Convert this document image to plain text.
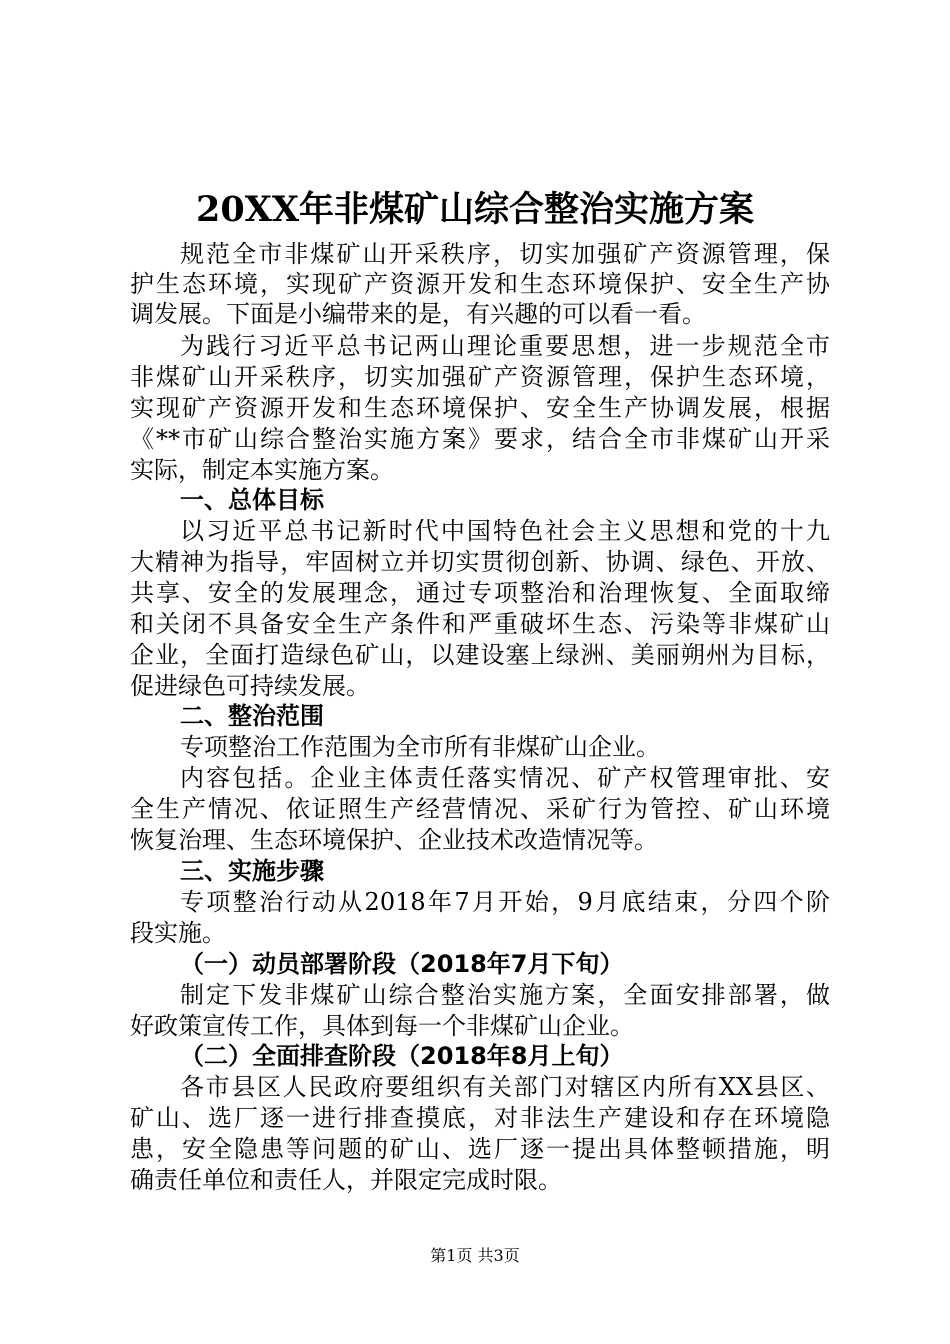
20XX年非煤矿山综合整治实施方案
规范全市非煤矿山开采秩序，切实加强矿产资源管理，保
护生态环境，实现矿产资源开发和生态环境保护、安全生产协
调发展。下面是小编带来的是，有兴趣的可以看一看。
为践行习近平总书记两山理论重要思想，进一步规范全市
非煤矿山开采秩序，切实加强矿产资源管理，保护生态环境，
实现矿产资源开发和生态环境保护、安全生产协调发展，根据
《**市矿山综合整治实施方案》要求，结合全市非煤矿山开采
实际，制定本实施方案。
一、总体目标
以习近平总书记新时代中国特色社会主义思想和党的十九
大精神为指导，牢固树立并切实贯彻创新、协调、绿色、开放、
共享、安全的发展理念，通过专项整治和治理恢复、全面取缔
和关闭不具备安全生产条件和严重破坏生态、污染等非煤矿山
企业，全面打造绿色矿山，以建设塞上绿洲、美丽朔州为目标，
促进绿色可持续发展。
二、整治范围
专项整治工作范围为全市所有非煤矿山企业。
内容包括。企业主体责任落实情况、矿产权管理审批、安
全生产情况、依证照生产经营情况、采矿行为管控、矿山环境
恢复治理、生态环境保护、企业技术改造情况等。
三、实施步骤
专项整治行动从2018年7月开始，9月底结束，分四个阶
段实施。
（一）动员部署阶段（2018年7月下旬）
制定下发非煤矿山综合整治实施方案，全面安排部署，做
好政策宣传工作，具体到每一个非煤矿山企业。
（二）全面排查阶段（2018年8月上旬）
各市县区人民政府要组织有关部门对辖区内所有XX县区、
矿山、选厂逐一进行排查摸底，对非法生产建设和存在环境隐
患，安全隐患等问题的矿山、选厂逐一提出具体整顿措施，明
确责任单位和责任人，并限定完成时限。
第1页 共3页
